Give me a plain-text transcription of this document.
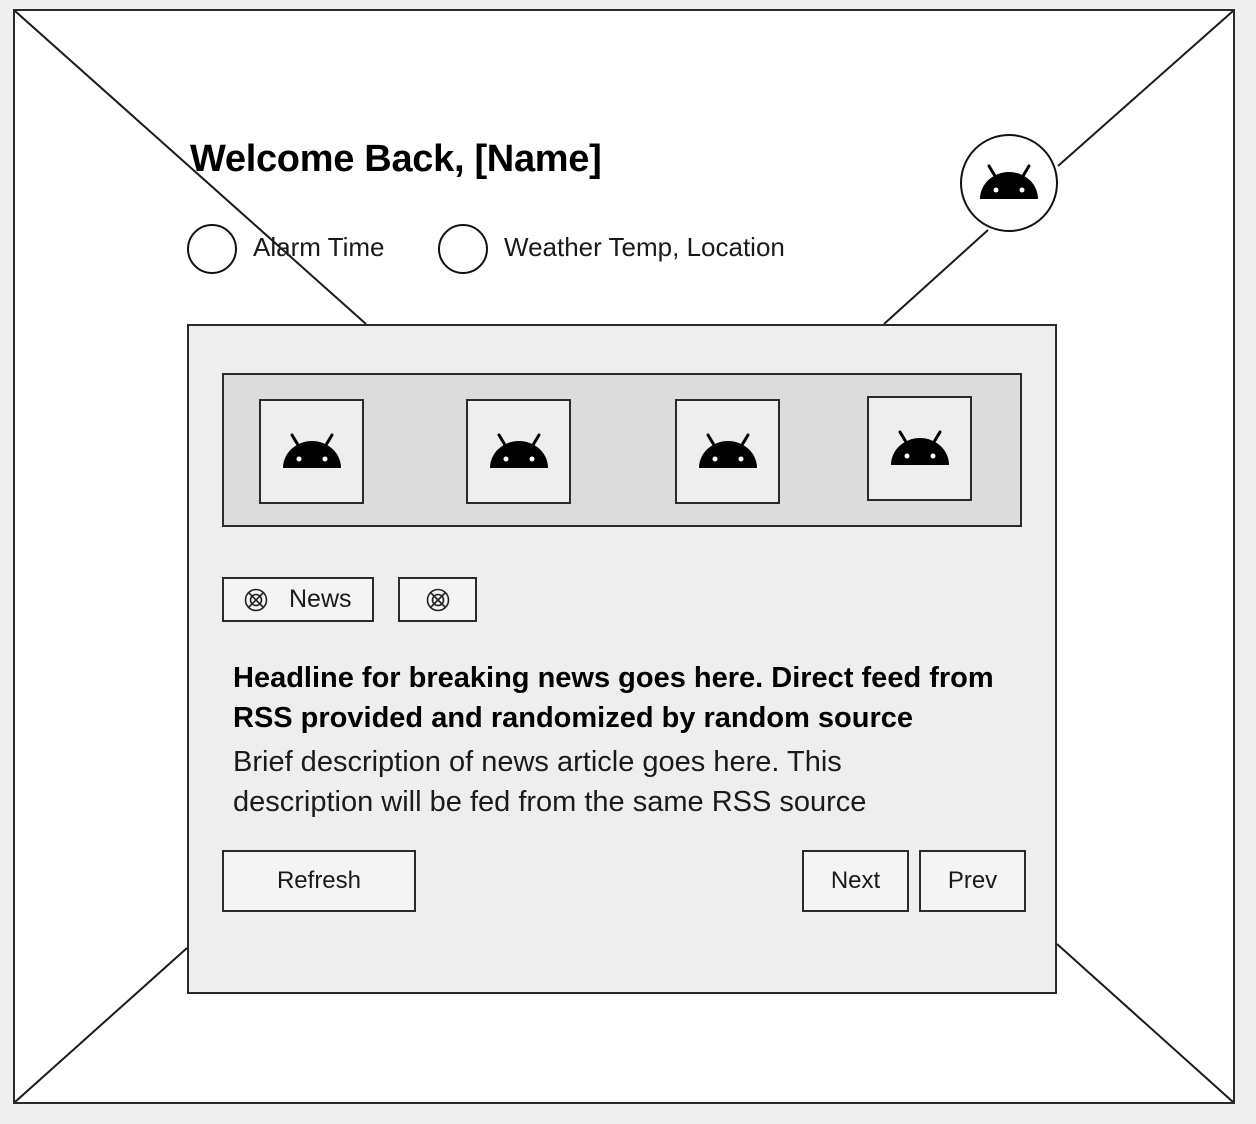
Welcome Back, [Name]
Alarm Time	Weather Temp, Location
News
Headline for breaking news goes here. Direct feed from RSS provided and randomized by random source
Brief description of news article goes here. This description will be fed from the same RSS source
Refresh	Next	Prev
